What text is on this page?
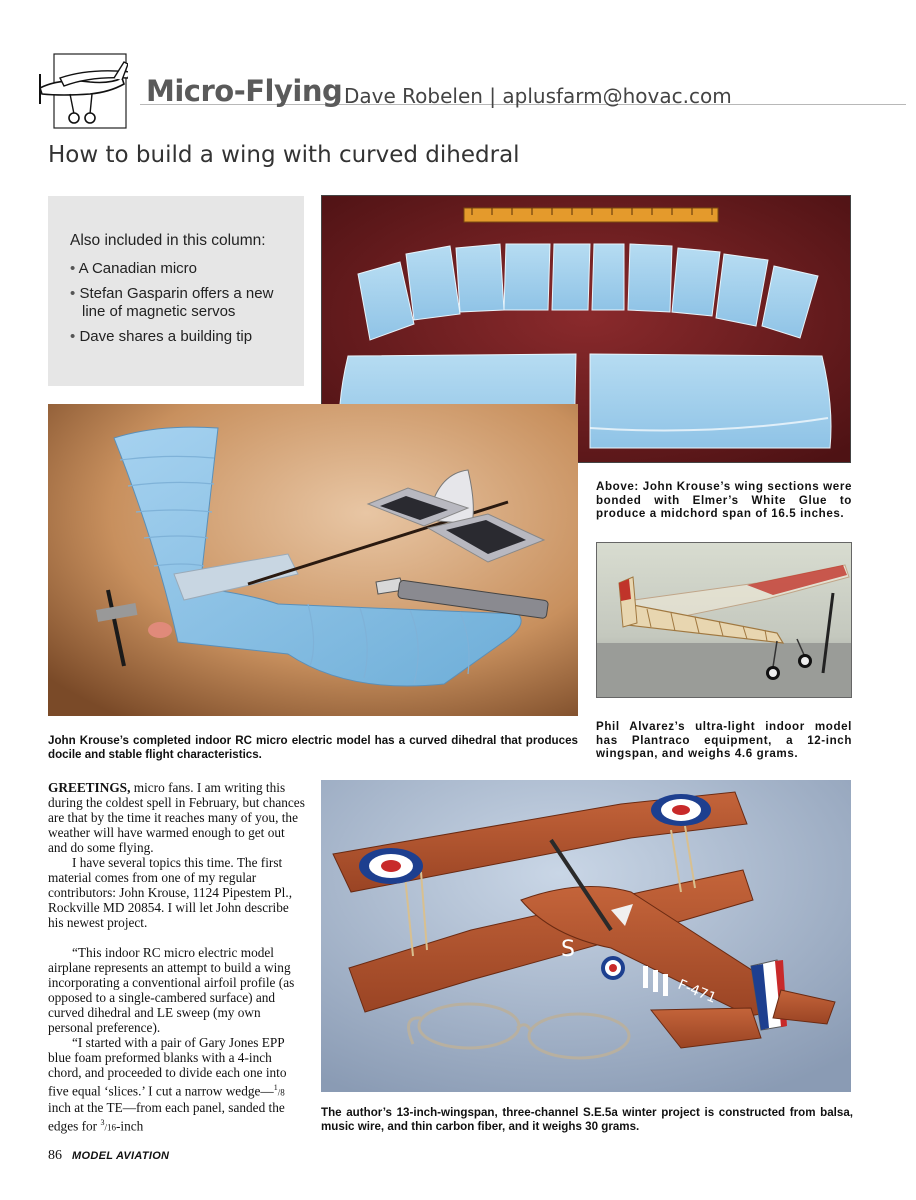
Micro-Flying Dave Robelen | aplusfarm@hovac.com
How to build a wing with curved dihedral
Also included in this column:
• A Canadian micro
• Stefan Gasparin offers a new line of magnetic servos
• Dave shares a building tip
Above: John Krouse’s wing sections were bonded with Elmer’s White Glue to produce a midchord span of 16.5 inches.
John Krouse’s completed indoor RC micro electric model has a curved dihedral that produces docile and stable flight characteristics.
Phil Alvarez’s ultra-light indoor model has Plantraco equipment, a 12-inch wingspan, and weighs 4.6 grams.

GREETINGS, micro fans. I am writing this during the coldest spell in February, but chances are that by the time it reaches many of you, the weather will have warmed enough to get out and do some flying.

I have several topics this time. The first material comes from one of my regular contributors: John Krouse, 1124 Pipestem Pl., Rockville MD 20854. I will let John describe his newest project.

“This indoor RC micro electric model airplane represents an attempt to build a wing incorporating a conventional airfoil profile (as opposed to a single-cambered surface) and curved dihedral and LE sweep (my own personal preference).

“I started with a pair of Gary Jones EPP blue foam preformed blanks with a 4-inch chord, and proceeded to divide each one into five equal ‘slices.’ I cut a narrow wedge—$^1$/8 inch at the TE—from each panel, sanded the edges for $^3$/16-inch

S
F-471
The author’s 13-inch-wingspan, three-channel S.E.5a winter project is constructed from balsa, music wire, and thin carbon fiber, and it weighs 30 grams.
86 MODEL AVIATION
